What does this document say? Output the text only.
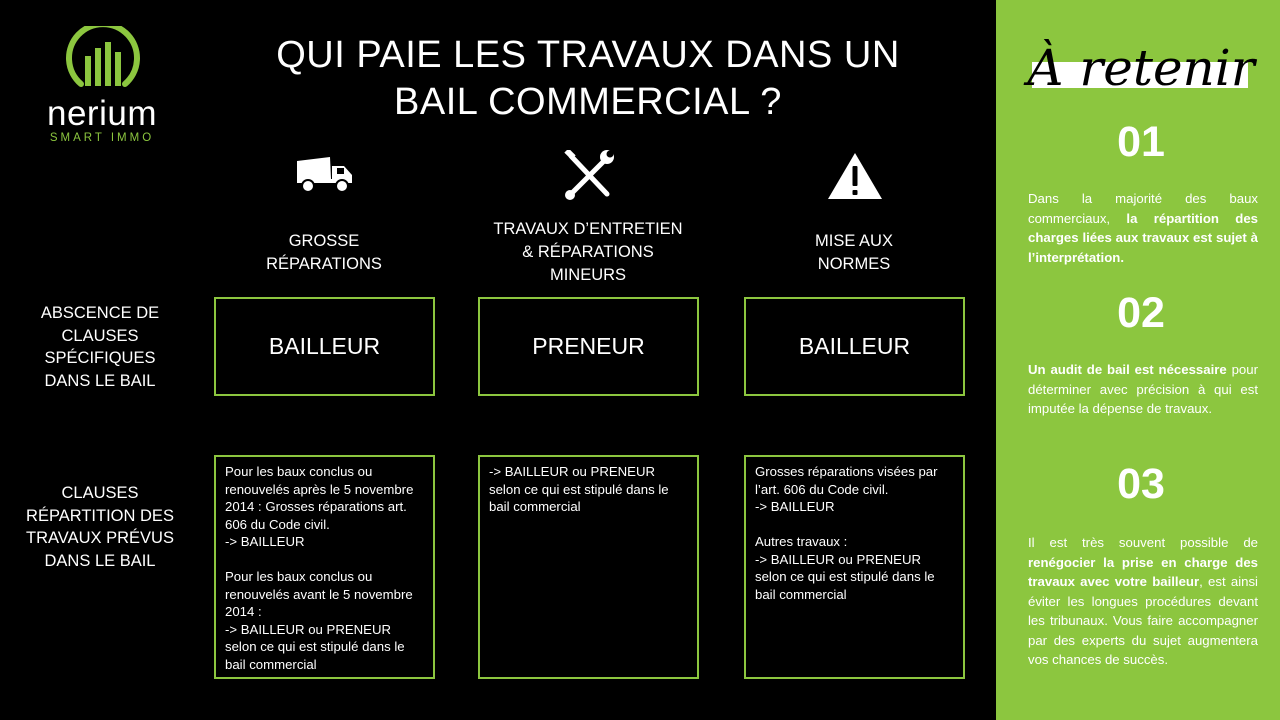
nerium
SMART IMMO
QUI PAIE LES TRAVAUX DANS UN
BAIL COMMERCIAL ?
GROSSE
RÉPARATIONS
TRAVAUX D’ENTRETIEN
& RÉPARATIONS
MINEURS
MISE AUX
NORMES
ABSCENCE DE
CLAUSES
SPÉCIFIQUES
DANS LE BAIL
CLAUSES
RÉPARTITION DES
TRAVAUX PRÉVUS
DANS LE BAIL
BAILLEUR	PRENEUR	BAILLEUR
Pour les baux conclus ou
renouvelés après le 5 novembre
2014 : Grosses réparations art.
606 du Code civil.
-> BAILLEUR

Pour les baux conclus ou
renouvelés avant le 5 novembre
2014 :
-> BAILLEUR ou PRENEUR
selon ce qui est stipulé dans le
bail commercial
-> BAILLEUR ou PRENEUR
selon ce qui est stipulé dans le
bail commercial
Grosses réparations visées par
l’art. 606 du Code civil.
-> BAILLEUR

Autres travaux :
-> BAILLEUR ou PRENEUR
selon ce qui est stipulé dans le
bail commercial
À retenir
01
Dans la majorité des baux commerciaux, la répartition des charges liées aux travaux est sujet à l’interprétation.
02
Un audit de bail est nécessaire pour déterminer avec précision à qui est imputée la dépense de travaux.
03
Il est très souvent possible de renégocier la prise en charge des travaux avec votre bailleur, est ainsi éviter les longues procédures devant les tribunaux. Vous faire accompagner par des experts du sujet augmentera vos chances de succès.
